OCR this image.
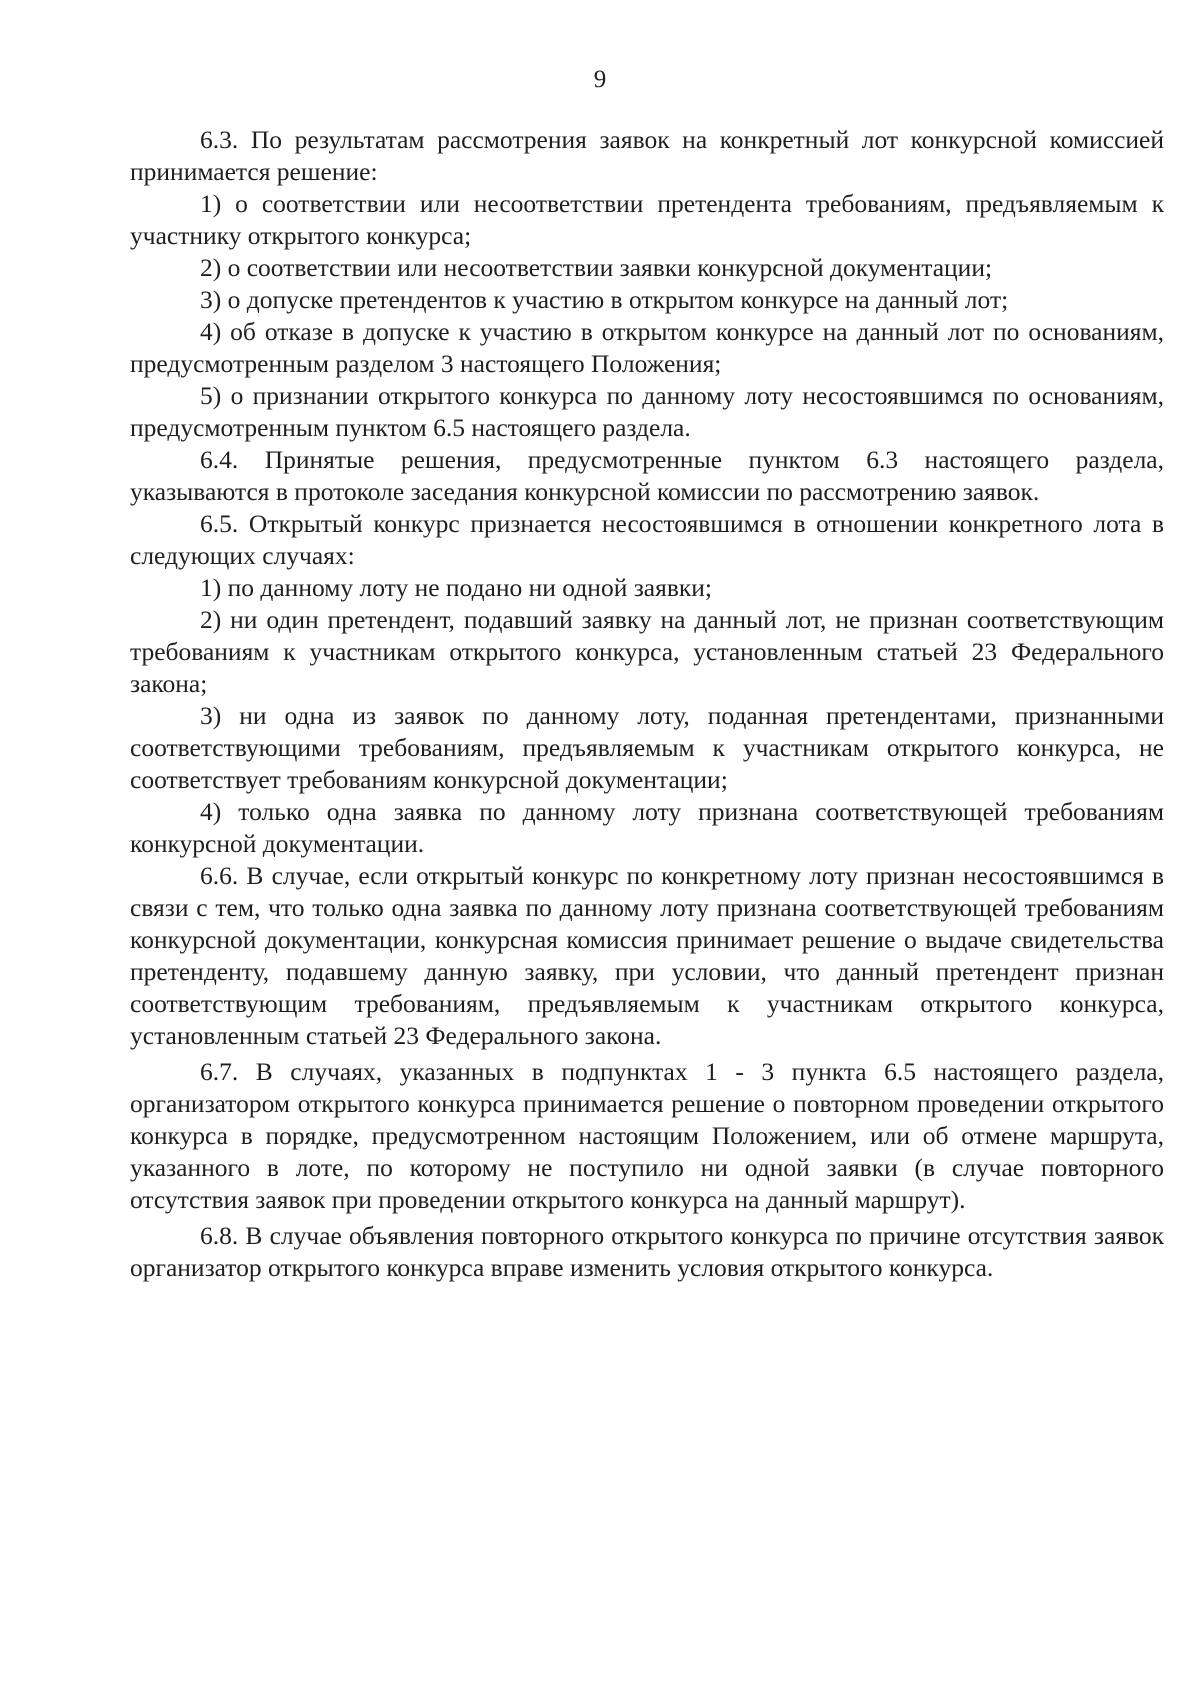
9

6.3. По результатам рассмотрения заявок на конкретный лот конкурсной комиссией принимается решение:

1) о соответствии или несоответствии претендента требованиям, предъявляемым к участнику открытого конкурса;

2) о соответствии или несоответствии заявки конкурсной документации;

3) о допуске претендентов к участию в открытом конкурсе на данный лот;

4) об отказе в допуске к участию в открытом конкурсе на данный лот по основаниям, предусмотренным разделом 3 настоящего Положения;

5) о признании открытого конкурса по данному лоту несостоявшимся по основаниям, предусмотренным пунктом 6.5 настоящего раздела.

6.4. Принятые решения, предусмотренные пунктом 6.3 настоящего раздела, указываются в протоколе заседания конкурсной комиссии по рассмотрению заявок.

6.5. Открытый конкурс признается несостоявшимся в отношении конкретного лота в следующих случаях:

1) по данному лоту не подано ни одной заявки;

2) ни один претендент, подавший заявку на данный лот, не признан соответствующим требованиям к участникам открытого конкурса, установленным статьей 23 Федерального закона;

3) ни одна из заявок по данному лоту, поданная претендентами, признанными соответствующими требованиям, предъявляемым к участникам открытого конкурса, не соответствует требованиям конкурсной документации;

4) только одна заявка по данному лоту признана соответствующей требованиям конкурсной документации.

6.6. В случае, если открытый конкурс по конкретному лоту признан несостоявшимся в связи с тем, что только одна заявка по данному лоту признана соответствующей требованиям конкурсной документации, конкурсная комиссия принимает решение о выдаче свидетельства претенденту, подавшему данную заявку, при условии, что данный претендент признан соответствующим требованиям, предъявляемым к участникам открытого конкурса, установленным статьей 23 Федерального закона.

6.7. В случаях, указанных в подпунктах 1 - 3 пункта 6.5 настоящего раздела, организатором открытого конкурса принимается решение о повторном проведении открытого конкурса в порядке, предусмотренном настоящим Положением, или об отмене маршрута, указанного в лоте, по которому не поступило ни одной заявки (в случае повторного отсутствия заявок при проведении открытого конкурса на данный маршрут).

6.8. В случае объявления повторного открытого конкурса по причине отсутствия заявок организатор открытого конкурса вправе изменить условия открытого конкурса.
